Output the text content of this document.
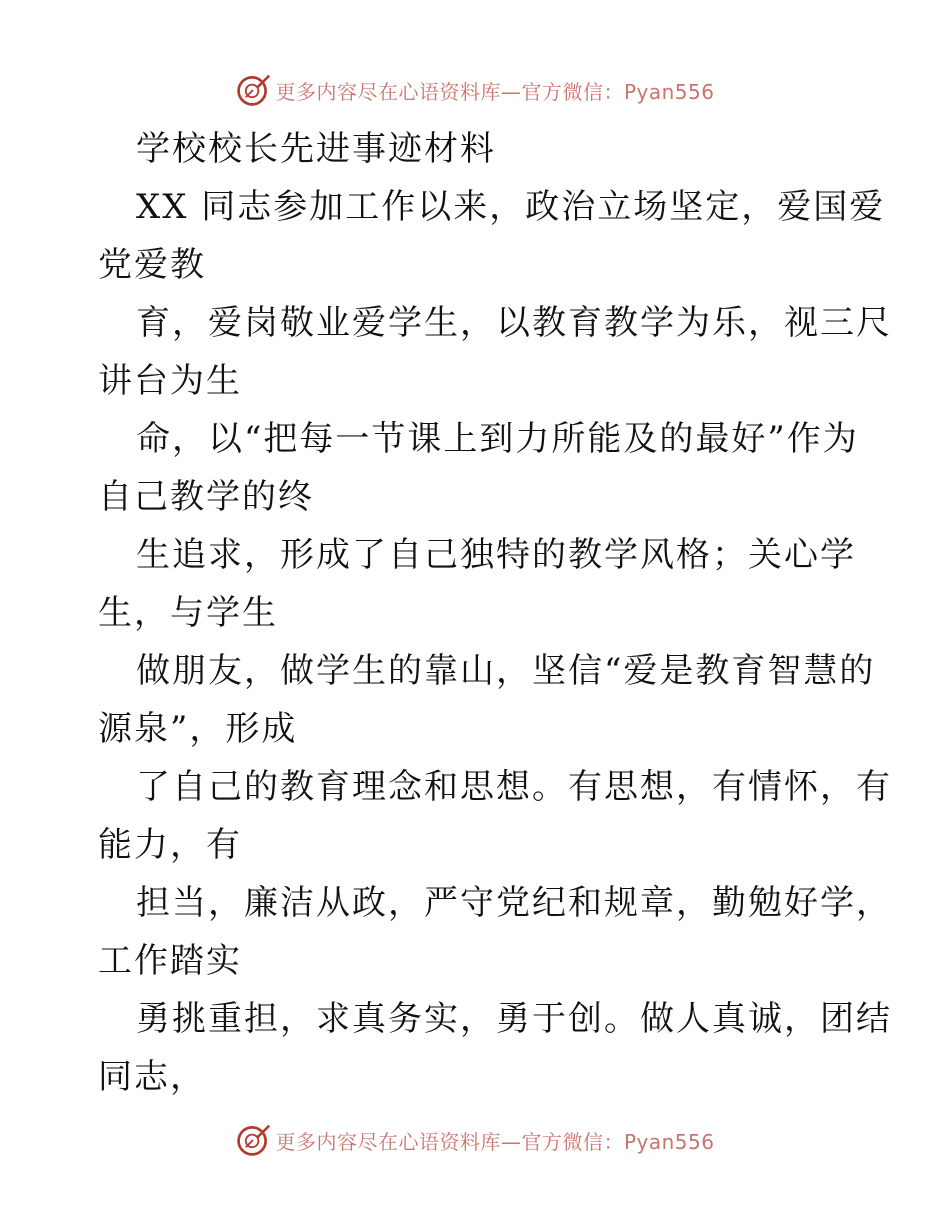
更多内容尽在心语资料库—官方微信：Pyan556
学校校长先进事迹材料
XX 同志参加工作以来，政治立场坚定，爱国爱
党爱教
育，爱岗敬业爱学生，以教育教学为乐，视三尺
讲台为生
命，以“把每一节课上到力所能及的最好”作为
自己教学的终
生追求，形成了自己独特的教学风格；关心学
生，与学生
做朋友，做学生的靠山，坚信“爱是教育智慧的
源泉”，形成
了自己的教育理念和思想。有思想，有情怀，有
能力，有
担当，廉洁从政，严守党纪和规章，勤勉好学，
工作踏实
勇挑重担，求真务实，勇于创。做人真诚，团结
同志，
更多内容尽在心语资料库—官方微信：Pyan556
